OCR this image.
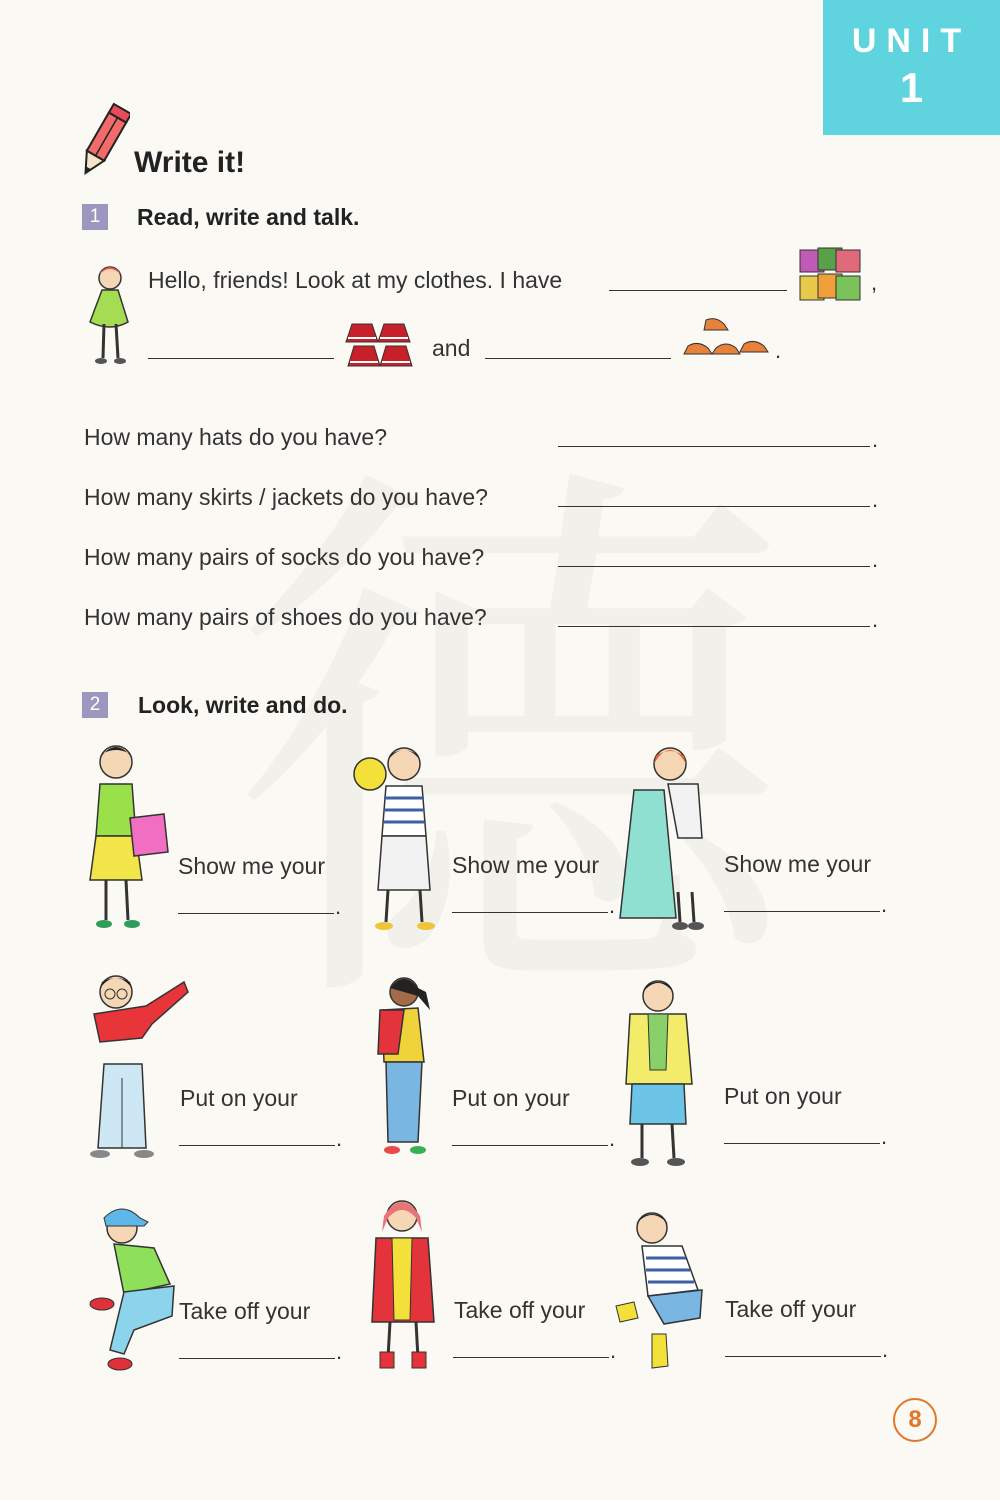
UNIT
1
Write it!
1	Read, write and talk.
Hello, friends! Look at my clothes. I have	,
and	.
How many hats do you have?	.
How many skirts / jackets do you have?	.
How many pairs of socks do you have?	.
How many pairs of shoes do you have?	.
2	Look, write and do.
Show me your
.
Show me your
.
Show me your
.
Put on your
.
Put on your
.
Put on your
.
Take off your
.
Take off your
.
Take off your
.
8
